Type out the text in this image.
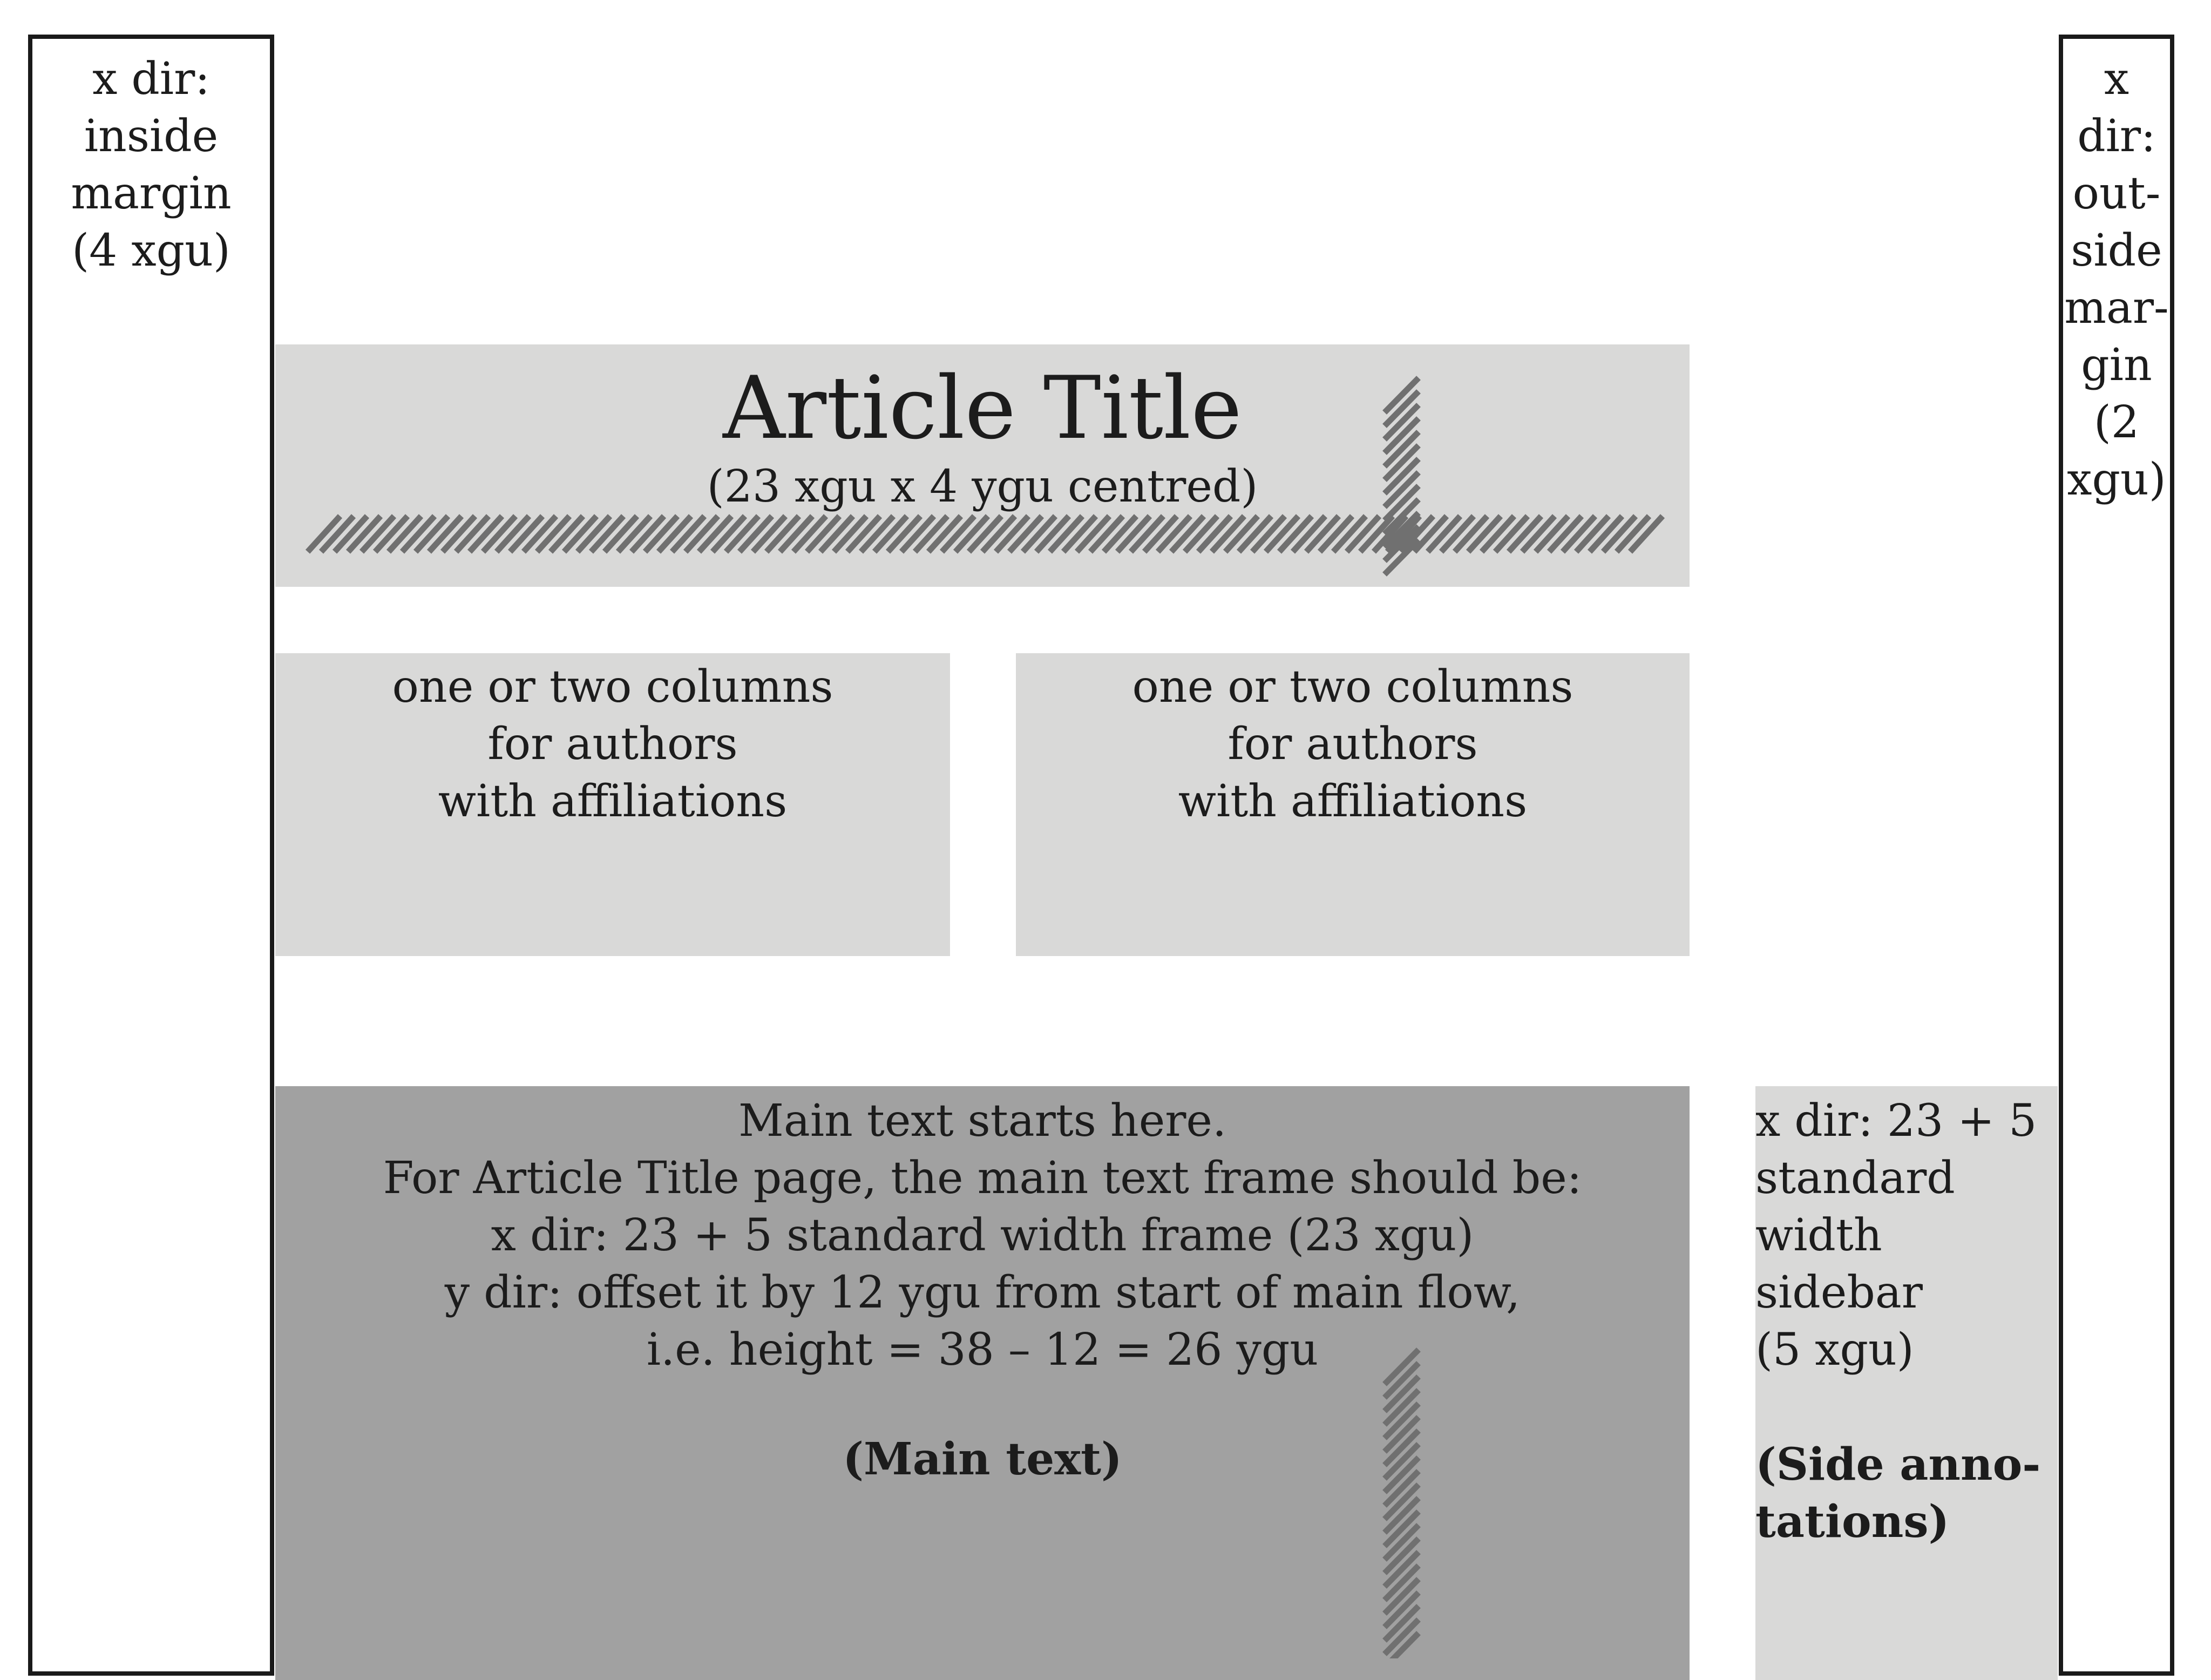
x dir:
inside
margin
(4 xgu)
x dir:
out-
side
mar-
gin
(2
xgu)
Article Title
(23 xgu x 4 ygu centred)
one or two columns
for authors
with affiliations
one or two columns
for authors
with affiliations
Main text starts here.
For Article Title page, the main text frame should be:
x dir: 23 + 5 standard width frame (23 xgu)
y dir: offset it by 12 ygu from start of main flow,
i.e. height = 38 – 12 = 26 ygu
(Main text)
x dir: 23 + 5
standard
width sidebar
(5 xgu)
(Side anno-
tations)
